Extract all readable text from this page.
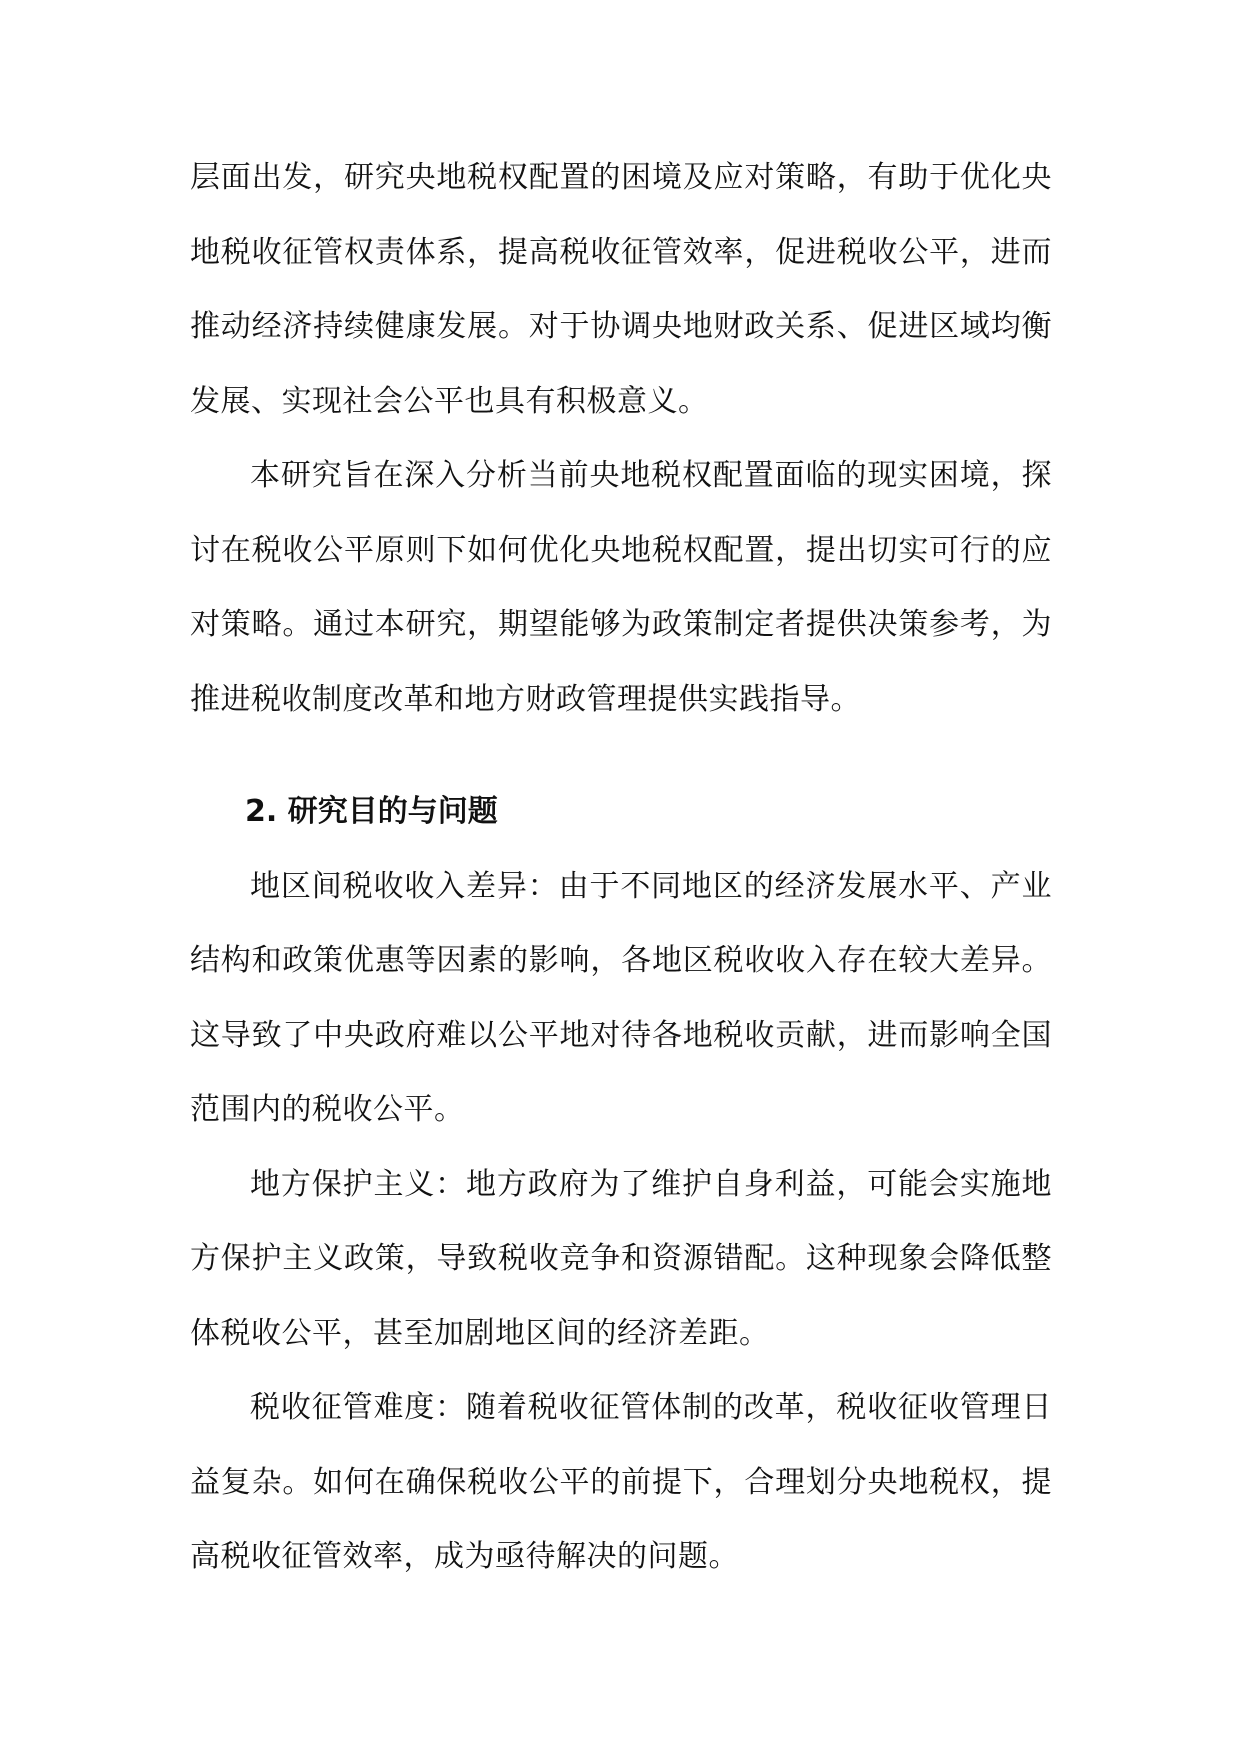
层面出发，研究央地税权配置的困境及应对策略，有助于优化央地税收征管权责体系，提高税收征管效率，促进税收公平，进而推动经济持续健康发展。对于协调央地财政关系、促进区域均衡发展、实现社会公平也具有积极意义。

本研究旨在深入分析当前央地税权配置面临的现实困境，探讨在税收公平原则下如何优化央地税权配置，提出切实可行的应对策略。通过本研究，期望能够为政策制定者提供决策参考，为推进税收制度改革和地方财政管理提供实践指导。

2. 研究目的与问题

地区间税收收入差异：由于不同地区的经济发展水平、产业结构和政策优惠等因素的影响，各地区税收收入存在较大差异。这导致了中央政府难以公平地对待各地税收贡献，进而影响全国范围内的税收公平。

地方保护主义：地方政府为了维护自身利益，可能会实施地方保护主义政策，导致税收竞争和资源错配。这种现象会降低整体税收公平，甚至加剧地区间的经济差距。

税收征管难度：随着税收征管体制的改革，税收征收管理日益复杂。如何在确保税收公平的前提下，合理划分央地税权，提高税收征管效率，成为亟待解决的问题。
